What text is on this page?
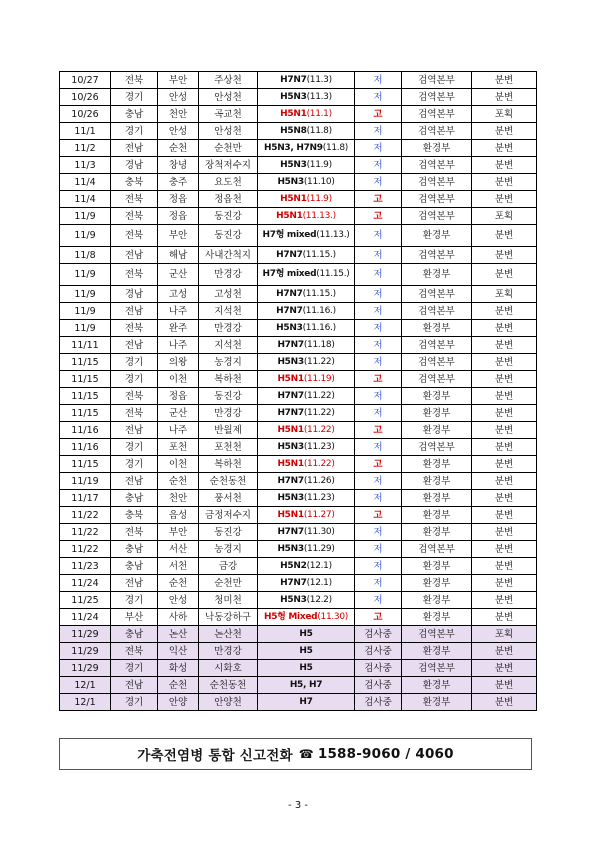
10/27	전북	부안	주상천	H7N7(11.3)	저	검역본부	분변
10/26	경기	안성	안성천	H5N3(11.3)	저	검역본부	분변
10/26	충남	천안	곡교천	H5N1(11.1)	고	검역본부	포획
11/1	경기	안성	안성천	H5N8(11.8)	저	검역본부	분변
11/2	전남	순천	순천만	H5N3, H7N9(11.8)	저	환경부	분변
11/3	경남	창녕	장척저수지	H5N3(11.9)	저	검역본부	분변
11/4	충북	충주	요도천	H5N3(11.10)	저	검역본부	분변
11/4	전북	정읍	정읍천	H5N1(11.9)	고	검역본부	분변
11/9	전북	정읍	동진강	H5N1(11.13.)	고	검역본부	포획
11/9	전북	부안	동진강	H7형 mixed(11.13.)	저	환경부	분변
11/8	전남	해남	사내간척지	H7N7(11.15.)	저	검역본부	분변
11/9	전북	군산	만경강	H7형 mixed(11.15.)	저	환경부	분변
11/9	경남	고성	고성천	H7N7(11.15.)	저	검역본부	포획
11/9	전남	나주	지석천	H7N7(11.16.)	저	검역본부	분변
11/9	전북	완주	만경강	H5N3(11.16.)	저	환경부	분변
11/11	전남	나주	지석천	H7N7(11.18)	저	검역본부	분변
11/15	경기	의왕	농경지	H5N3(11.22)	저	검역본부	분변
11/15	경기	이천	복하천	H5N1(11.19)	고	검역본부	분변
11/15	전북	정읍	동진강	H7N7(11.22)	저	환경부	분변
11/15	전북	군산	만경강	H7N7(11.22)	저	환경부	분변
11/16	전남	나주	반월제	H5N1(11.22)	고	환경부	분변
11/16	경기	포천	포천천	H5N3(11.23)	저	검역본부	분변
11/15	경기	이천	복하천	H5N1(11.22)	고	환경부	분변
11/19	전남	순천	순천동천	H7N7(11.26)	저	환경부	분변
11/17	충남	천안	풍서천	H5N3(11.23)	저	환경부	분변
11/22	충북	음성	금정저수지	H5N1(11.27)	고	환경부	분변
11/22	전북	부안	동진강	H7N7(11.30)	저	환경부	분변
11/22	충남	서산	농경지	H5N3(11.29)	저	검역본부	분변
11/23	충남	서천	금강	H5N2(12.1)	저	환경부	분변
11/24	전남	순천	순천만	H7N7(12.1)	저	환경부	분변
11/25	경기	안성	청미천	H5N3(12.2)	저	환경부	분변
11/24	부산	사하	낙동강하구	H5형 Mixed(11.30)	고	환경부	분변
11/29	충남	논산	논산천	H5	검사중	검역본부	포획
11/29	전북	익산	만경강	H5	검사중	환경부	분변
11/29	경기	화성	시화호	H5	검사중	검역본부	분변
12/1	전남	순천	순천동천	H5, H7	검사중	환경부	분변
12/1	경기	안양	안양천	H7	검사중	환경부	분변
가축전염병 통합 신고전화 ☎ 1588-9060 / 4060
- 3 -
